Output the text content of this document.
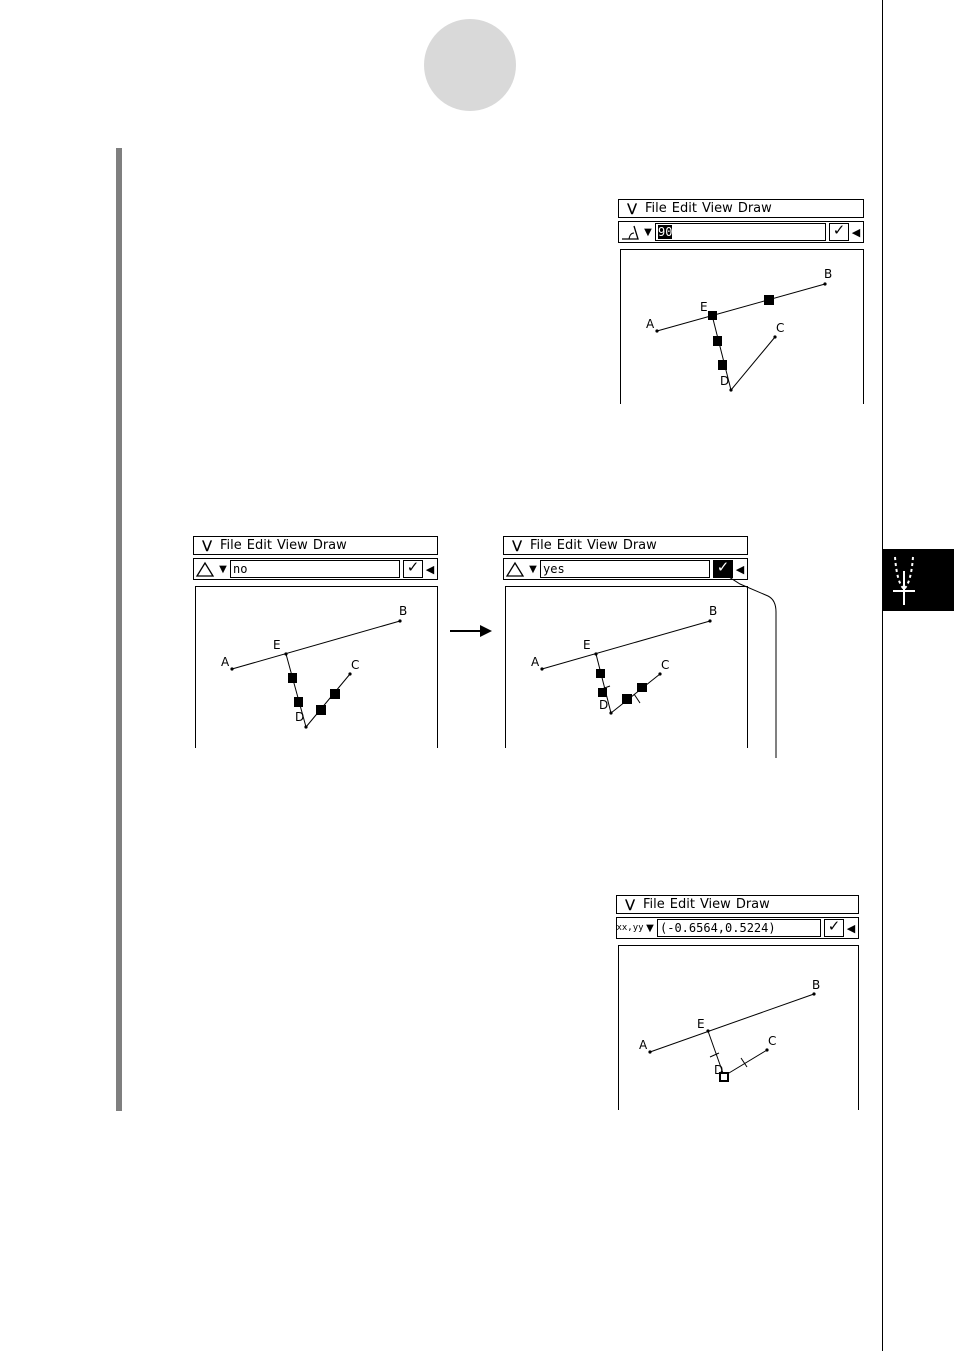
⋁ File Edit View Draw
▼ 90	✓ ◀
A
B
C
D
E
⋁ File Edit View Draw
▼ no	✓ ◀
A
B
C
D
E
⋁ File Edit View Draw
▼ yes	✓ ◀
A
B
C
D
E
⋁ File Edit View Draw
xx,yy ▼ (-0.6564,0.5224)	✓ ◀
A
B
C
D
E
